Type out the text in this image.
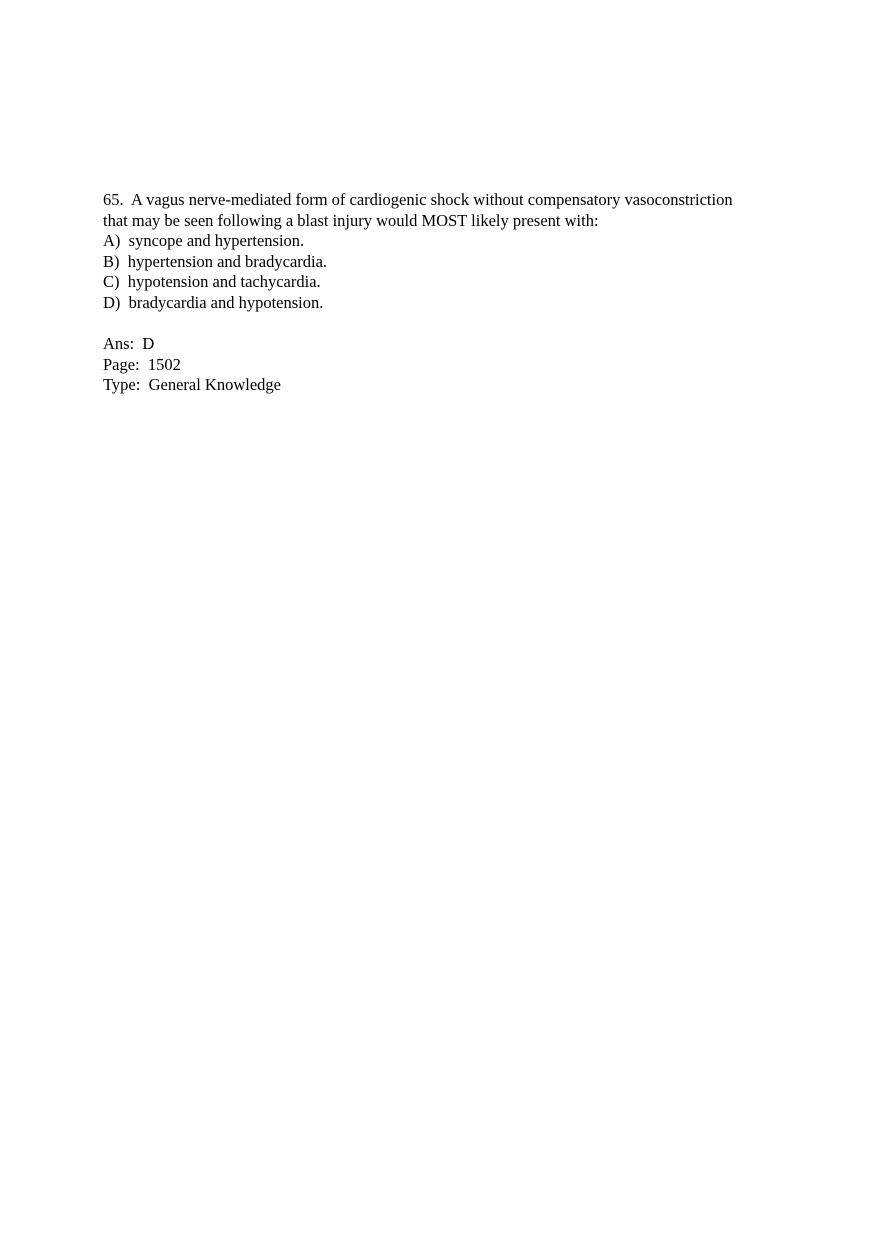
65.  A vagus nerve-mediated form of cardiogenic shock without compensatory vasoconstriction
that may be seen following a blast injury would MOST likely present with:
A)  syncope and hypertension.
B)  hypertension and bradycardia.
C)  hypotension and tachycardia.
D)  bradycardia and hypotension.
Ans:  D
Page:  1502
Type:  General Knowledge
